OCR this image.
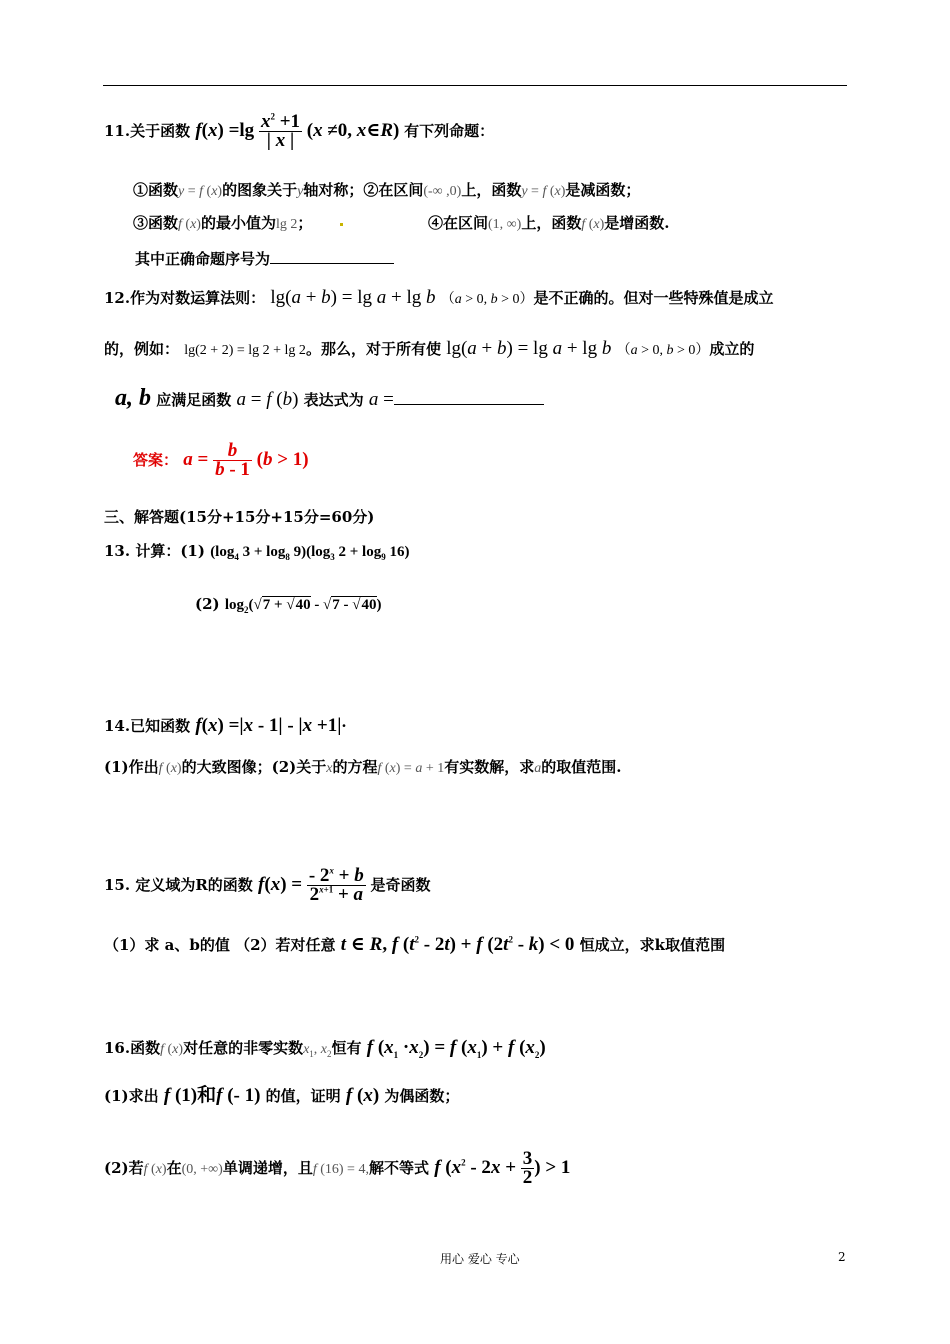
11.关于函数 $f(x) =\lg \frac{x^2 +1}{| x |} (x \ne 0$, x∈R) 有下列命题：
①函数y = f (x)的图象关于y轴对称；②在区间(-∞ ,0)上，函数y = f (x)是减函数；
③函数f (x)的最小值为lg 2；	④在区间(1, ∞)上，函数f (x)是增函数.
其中正确命题序号为
12.作为对数运算法则： lg(a + b) = lg a + lg b （a > 0, b > 0）是不正确的。但对一些特殊值是成立
的，例如： lg(2 + 2) = lg 2 + lg 2。那么，对于所有使 lg(a + b) = lg a + lg b （a > 0, b > 0）成立的
a, b 应满足函数 a = f (b) 表达式为 a =
答案： $a = \frac{b}{b - 1} (b > 1)$
三、解答题(15分+15分+15分=60分)
13. 计算：(1) ($\log_4$ $3 + \log_8 9)(\log_3$ $2 + \log_9 16$)
(2) $\log_2(√7 + √40 - √7 - √40)$
14.已知函数 f(x) =|x - 1| - |x +1|·
(1)作出f (x)的大致图像；(2)关于x的方程f (x) = a + 1有实数解，求a的取值范围.
15. 定义域为R的函数 $f(x) = \frac{- 2^x + b}{2^{x+1} + a}$ 是奇函数
（1）求 a、b的值 （2）若对任意 t ∈ R, f $(t^2 - 2t) + f$ $(2t^2 - k) < 0$ 恒成立，求k取值范围
16.函数f (x)对任意的非零实数$x_1$, $x_2$恒有 f $(x_1 \cdot x_2) = f$ $(x_1) + f$ $(x_2)$
(1)求出 f (1)和f (- 1) 的值，证明 f (x) 为偶函数；
(2)若f (x)在(0, +∞)单调递增，且f (16) = 4,解不等式 f ($x^2 - 2x + \frac{3}{2}$ ) > 1
用心 爱心 专心	2
